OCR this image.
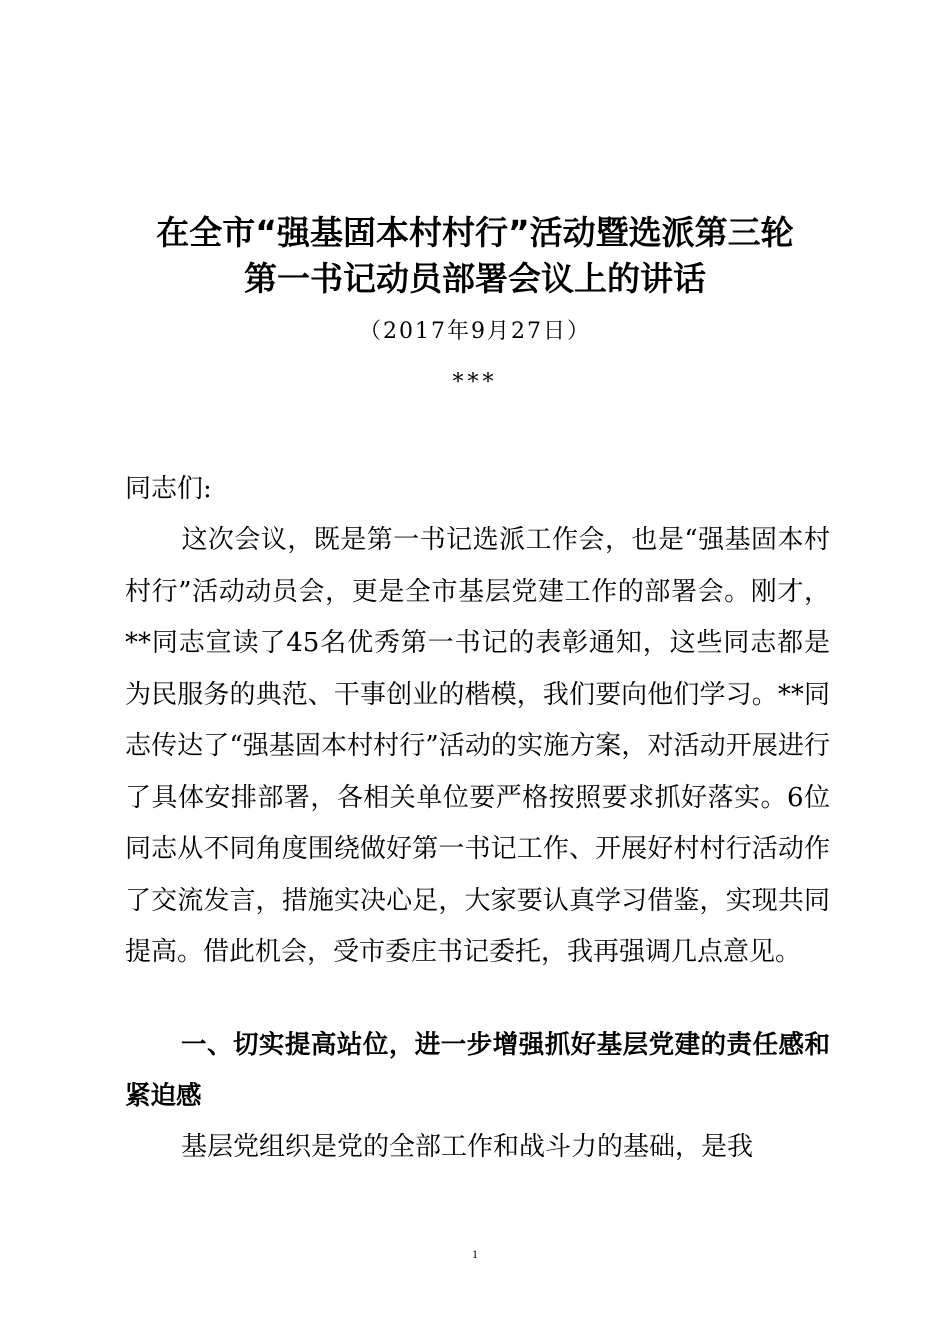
在全市“强基固本村村行”活动暨选派第三轮
第一书记动员部署会议上的讲话
（2017年9月27日）
***
同志们:
这次会议，既是第一书记选派工作会，也是“强基固本村村行”活动动员会，更是全市基层党建工作的部署会。刚才，**同志宣读了45名优秀第一书记的表彰通知，这些同志都是为民服务的典范、干事创业的楷模，我们要向他们学习。**同志传达了“强基固本村村行”活动的实施方案，对活动开展进行了具体安排部署，各相关单位要严格按照要求抓好落实。6位同志从不同角度围绕做好第一书记工作、开展好村村行活动作了交流发言，措施实决心足，大家要认真学习借鉴，实现共同提高。借此机会，受市委庄书记委托，我再强调几点意见。
一、切实提高站位，进一步增强抓好基层党建的责任感和紧迫感
基层党组织是党的全部工作和战斗力的基础，是我
1
